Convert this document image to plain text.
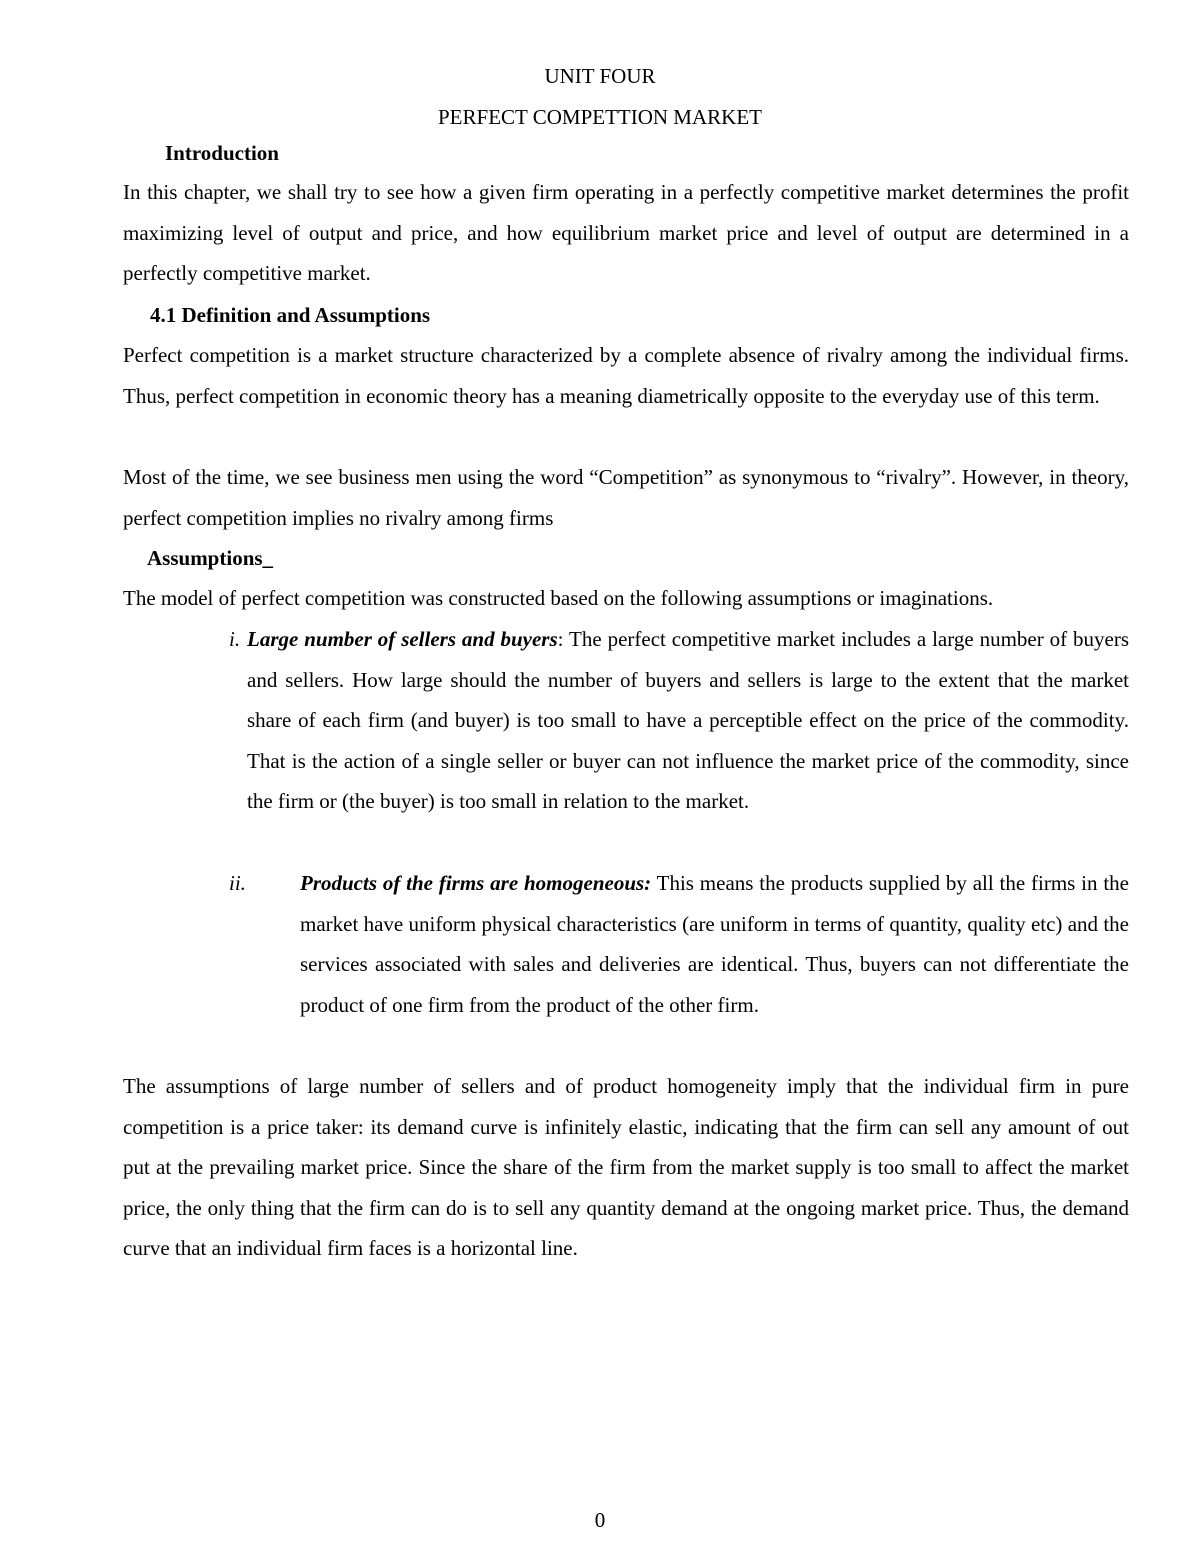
UNIT FOUR
PERFECT COMPETTION MARKET
Introduction
In this chapter, we shall try to see how a given firm operating in a perfectly competitive market determines the profit maximizing level of output and price, and how equilibrium market price and level of output are determined in a perfectly competitive market.
4.1 Definition and Assumptions
Perfect competition is a market structure characterized by a complete absence of rivalry among the individual firms. Thus, perfect competition in economic theory has a meaning diametrically opposite to the everyday use of this term.
Most of the time, we see business men using the word “Competition” as synonymous to “rivalry”. However, in theory, perfect competition implies no rivalry among firms
Assumptions_
The model of perfect competition was constructed based on the following assumptions or imaginations.
i. Large number of sellers and buyers: The perfect competitive market includes a large number of buyers and sellers. How large should the number of buyers and sellers is large to the extent that the market share of each firm (and buyer) is too small to have a perceptible effect on the price of the commodity. That is the action of a single seller or buyer can not influence the market price of the commodity, since the firm or (the buyer) is too small in relation to the market.
ii.	Products of the firms are homogeneous: This means the products supplied by all the firms in the market have uniform physical characteristics (are uniform in terms of quantity, quality etc) and the services associated with sales and deliveries are identical. Thus, buyers can not differentiate the product of one firm from the product of the other firm.
The assumptions of large number of sellers and of product homogeneity imply that the individual firm in pure competition is a price taker: its demand curve is infinitely elastic, indicating that the firm can sell any amount of out put at the prevailing market price. Since the share of the firm from the market supply is too small to affect the market price, the only thing that the firm can do is to sell any quantity demand at the ongoing market price. Thus, the demand curve that an individual firm faces is a horizontal line.
0
